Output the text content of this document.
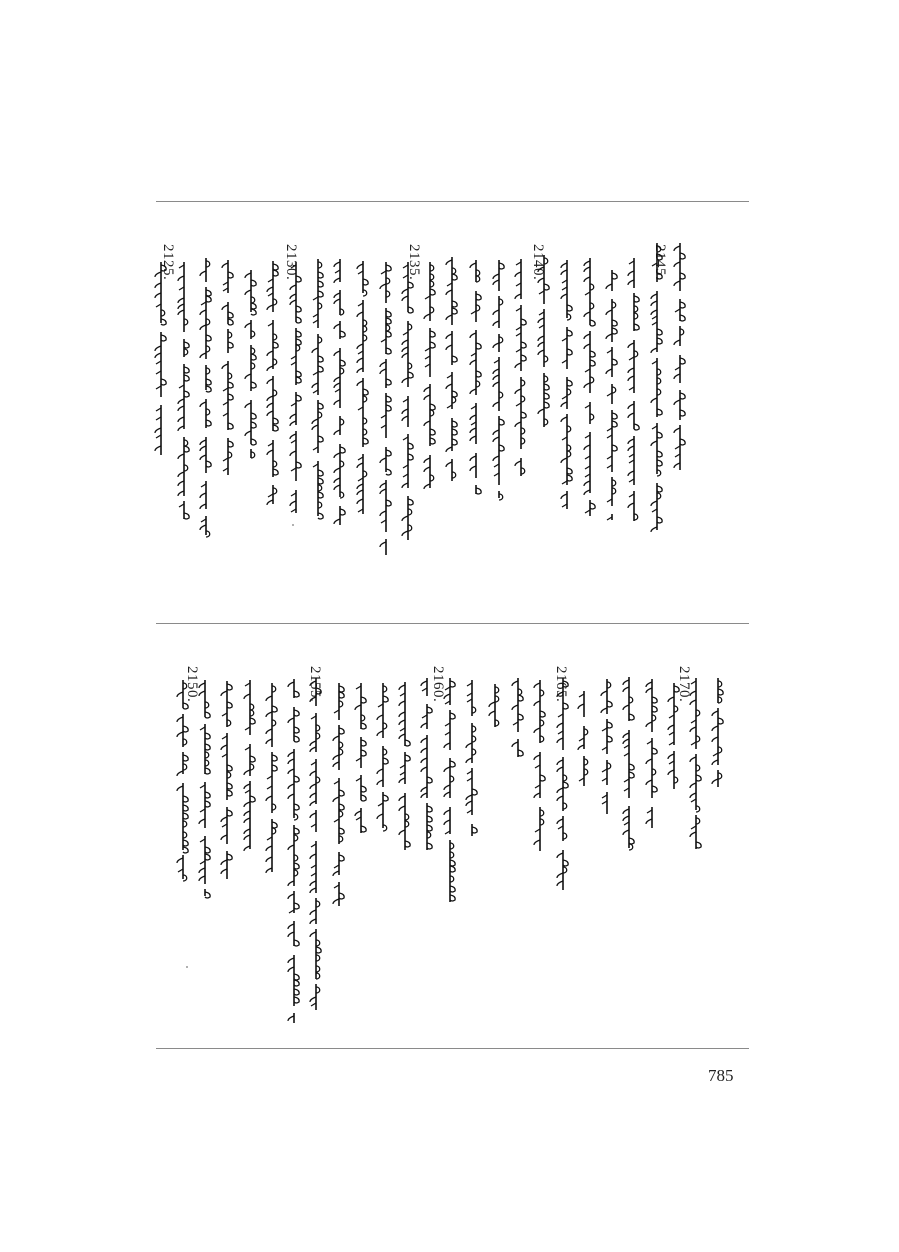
2145.
2140.
2135.
2130.
2125.
2170.
2165.
2160.
2155.
2150.
785
